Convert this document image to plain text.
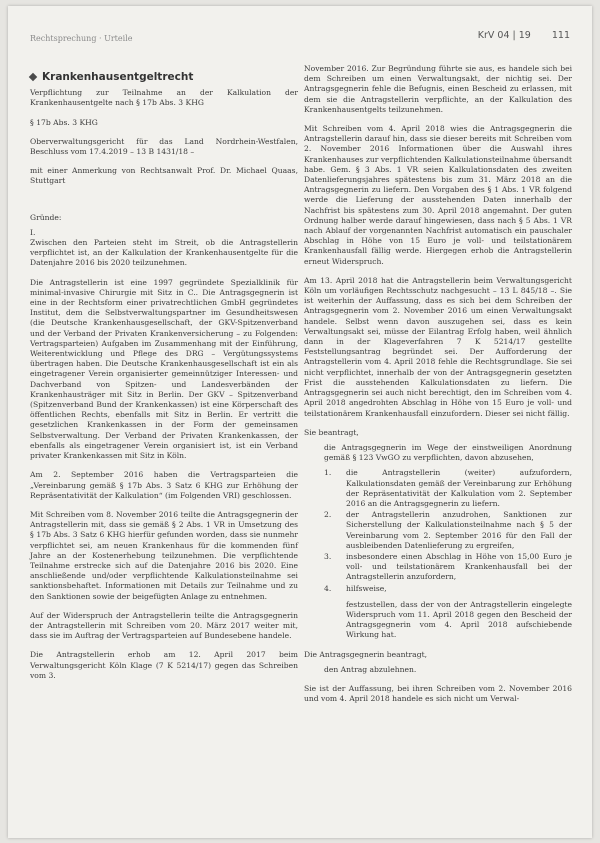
Rechtsprechung · Urteile	KrV 04 | 19 111
Krankenhausentgeltrecht

Verpflichtung zur Teilnahme an der Kalkulation der Krankenhausentgelte nach § 17b Abs. 3 KHG

§ 17b Abs. 3 KHG

Oberverwaltungsgericht für das Land Nordrhein-Westfalen, Beschluss vom 17.4.2019 – 13 B 1431/18 –

mit einer Anmerkung von Rechtsanwalt Prof. Dr. Michael Quaas, Stuttgart

Gründe:

I.

Zwischen den Parteien steht im Streit, ob die Antragstellerin verpflichtet ist, an der Kalkulation der Krankenhausentgelte für die Datenjahre 2016 bis 2020 teilzunehmen.

Die Antragstellerin ist eine 1997 gegründete Spezialklinik für minimal-invasive Chirurgie mit Sitz in C.. Die Antragsgegnerin ist eine in der Rechtsform einer privatrechtlichen GmbH gegründetes Institut, dem die Selbstverwaltungspartner im Gesundheitswesen (die Deutsche Krankenhausgesellschaft, der GKV-Spitzenverband und der Verband der Privaten Krankenversicherung – zu Folgenden: Vertragsparteien) Aufgaben im Zusammenhang mit der Einführung, Weiterentwicklung und Pflege des DRG – Vergütungssystems übertragen haben. Die Deutsche Krankenhausgesellschaft ist ein als eingetragener Verein organisierter gemeinnütziger Interessen- und Dachverband von Spitzen- und Landesverbänden der Krankenhausträger mit Sitz in Berlin. Der GKV – Spitzenverband (Spitzenverband Bund der Krankenkassen) ist eine Körperschaft des öffentlichen Rechts, ebenfalls mit Sitz in Berlin. Er vertritt die gesetzlichen Krankenkassen in der Form der gemeinsamen Selbstverwaltung. Der Verband der Privaten Krankenkassen, der ebenfalls als eingetragener Verein organisiert ist, ist ein Verband privater Krankenkassen mit Sitz in Köln.

Am 2. September 2016 haben die Vertragsparteien die „Vereinbarung gemäß § 17b Abs. 3 Satz 6 KHG zur Erhöhung der Repräsentativität der Kalkulation“ (im Folgenden VRI) geschlossen.

Mit Schreiben vom 8. November 2016 teilte die Antragsgegnerin der Antragstellerin mit, dass sie gemäß § 2 Abs. 1 VR in Umsetzung des § 17b Abs. 3 Satz 6 KHG hierfür gefunden worden, dass sie nunmehr verpflichtet sei, am neuen Krankenhaus für die kommenden fünf Jahre an der Kostenerhebung teilzunehmen. Die verpflichtende Teilnahme erstrecke sich auf die Datenjahre 2016 bis 2020. Eine anschließende und/oder verpflichtende Kalkulationsteilnahme sei sanktionsbehaftet. Informationen mit Details zur Teilnahme und zu den Sanktionen sowie der beigefügten Anlage zu entnehmen.

Auf der Widerspruch der Antragstellerin teilte die Antragsgegnerin der Antragstellerin mit Schreiben vom 20. März 2017 weiter mit, dass sie im Auftrag der Vertragsparteien auf Bundesebene handele.

Die Antragstellerin erhob am 12. April 2017 beim Verwaltungsgericht Köln Klage (7 K 5214/17) gegen das Schreiben vom 3.

November 2016. Zur Begründung führte sie aus, es handele sich bei dem Schreiben um einen Verwaltungsakt, der nichtig sei. Der Antragsgegnerin fehle die Befugnis, einen Bescheid zu erlassen, mit dem sie die Antragstellerin verpflichte, an der Kalkulation des Krankenhausentgelts teilzunehmen.

Mit Schreiben vom 4. April 2018 wies die Antragsgegnerin die Antragstellerin darauf hin, dass sie dieser bereits mit Schreiben vom 2. November 2016 Informationen über die Auswahl ihres Krankenhauses zur verpflichtenden Kalkulationsteilnahme übersandt habe. Gem. § 3 Abs. 1 VR seien Kalkulationsdaten des zweiten Datenlieferungsjahres spätestens bis zum 31. März 2018 an die Antragsgegnerin zu liefern. Den Vorgaben des § 1 Abs. 1 VR folgend werde die Lieferung der ausstehenden Daten innerhalb der Nachfrist bis spätestens zum 30. April 2018 angemahnt. Der guten Ordnung halber werde darauf hingewiesen, dass nach § 5 Abs. 1 VR nach Ablauf der vorgenannten Nachfrist automatisch ein pauschaler Abschlag in Höhe von 15 Euro je voll- und teilstationärem Krankenhausfall fällig werde. Hiergegen erhob die Antragstellerin erneut Widerspruch.

Am 13. April 2018 hat die Antragstellerin beim Verwaltungsgericht Köln um vorläufigen Rechtsschutz nachgesucht – 13 L 845/18 –. Sie ist weiterhin der Auffassung, dass es sich bei dem Schreiben der Antragsgegnerin vom 2. November 2016 um einen Verwaltungsakt handele. Selbst wenn davon auszugehen sei, dass es kein Verwaltungsakt sei, müsse der Eilantrag Erfolg haben, weil ähnlich dann in der Klageverfahren 7 K 5214/17 gestellte Feststellungsantrag begründet sei. Der Aufforderung der Antragstellerin vom 4. April 2018 fehle die Rechtsgrundlage. Sie sei nicht verpflichtet, innerhalb der von der Antragsgegnerin gesetzten Frist die ausstehenden Kalkulationsdaten zu liefern. Die Antragsgegnerin sei auch nicht berechtigt, den im Schreiben vom 4. April 2018 angedrohten Abschlag in Höhe von 15 Euro je voll- und teilstationärem Krankenhausfall einzufordern. Dieser sei nicht fällig.

Sie beantragt,

die Antragsgegnerin im Wege der einstweiligen Anordnung gemäß § 123 VwGO zu verpflichten, davon abzusehen,

1.	die Antragstellerin (weiter) aufzufordern, Kalkulationsdaten gemäß der Vereinbarung zur Erhöhung der Repräsentativität der Kalkulation vom 2. September 2016 an die Antragsgegnerin zu liefern.
2.	der Antragstellerin anzudrohen, Sanktionen zur Sicherstellung der Kalkulationsteilnahme nach § 5 der Vereinbarung vom 2. September 2016 für den Fall der ausbleibenden Datenlieferung zu ergreifen,
3.	insbesondere einen Abschlag in Höhe von 15,00 Euro je voll- und teilstationärem Krankenhausfall bei der Antragstellerin anzufordern,
4.	hilfsweise,

festzustellen, dass der von der Antragstellerin eingelegte Widerspruch vom 11. April 2018 gegen den Bescheid der Antragsgegnerin vom 4. April 2018 aufschiebende Wirkung hat.

Die Antragsgegnerin beantragt,

den Antrag abzulehnen.

Sie ist der Auffassung, bei ihren Schreiben vom 2. November 2016 und vom 4. April 2018 handele es sich nicht um Verwal-
